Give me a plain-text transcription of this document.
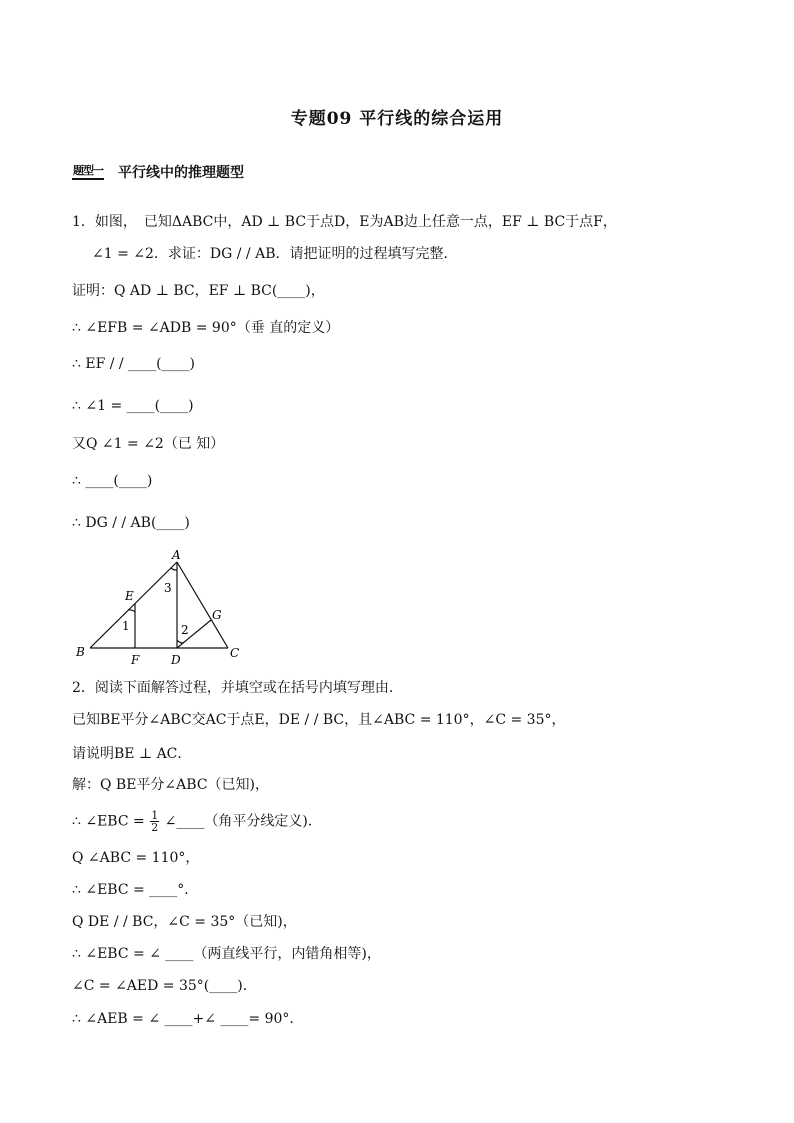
专题09 平行线的综合运用
题型一 平行线中的推理题型
1．如图，　已知ΔABC中，AD ⊥ BC于点D，E为AB边上任意一点，EF ⊥ BC于点F，
∠1 = ∠2．求证：DG / / AB．请把证明的过程填写完整．
证明：Q AD ⊥ BC，EF ⊥ BC(____)，
∴ ∠EFB = ∠ADB = 90°（垂 直的定义）
∴ EF / / ____(____)
∴ ∠1 = ____(____)
又Q ∠1 = ∠2（已 知）
∴ ____(____)
∴ DG / / AB(____)
A
B	C
D
E
F
G
1	2
3
2．阅读下面解答过程，并填空或在括号内填写理由．
已知BE平分∠ABC交AC于点E，DE / / BC，且∠ABC = 110°，∠C = 35°，
请说明BE ⊥ AC．
解：Q BE平分∠ABC（已知)，
∴ ∠EBC = $\frac{1}{2}$ ∠____（角平分线定义)．
Q ∠ABC = 110°，
∴ ∠EBC = ____°．
Q DE / / BC，∠C = 35°（已知)，
∴ ∠EBC = ∠ ____（两直线平行，内错角相等)，
∠C = ∠AED = 35°(____)．
∴ ∠AEB = ∠ ____+∠ ____= 90°．
